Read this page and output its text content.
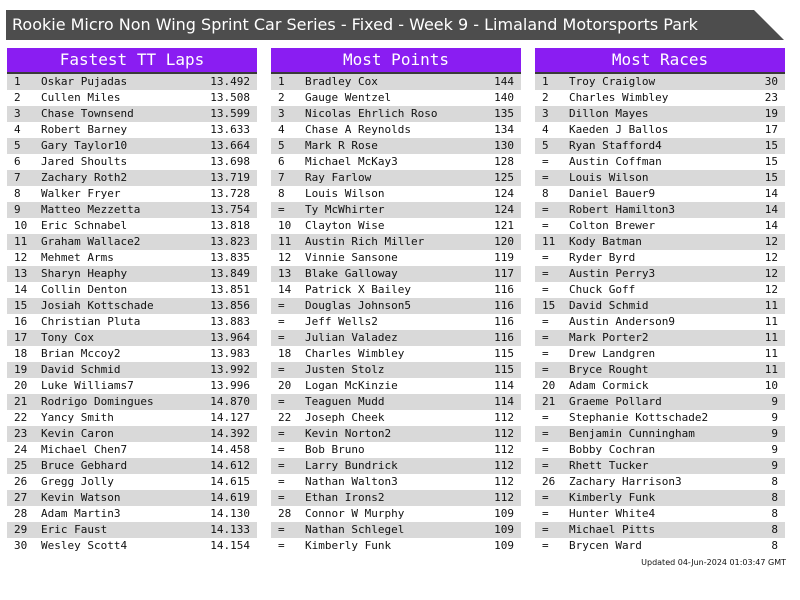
Rookie Micro Non Wing Sprint Car Series - Fixed - Week 9 - Limaland Motorsports Park
Fastest TT Laps
1	Oskar Pujadas	13.492
2	Cullen Miles	13.508
3	Chase Townsend	13.599
4	Robert Barney	13.633
5	Gary Taylor10	13.664
6	Jared Shoults	13.698
7	Zachary Roth2	13.719
8	Walker Fryer	13.728
9	Matteo Mezzetta	13.754
10	Eric Schnabel	13.818
11	Graham Wallace2	13.823
12	Mehmet Arms	13.835
13	Sharyn Heaphy	13.849
14	Collin Denton	13.851
15	Josiah Kottschade	13.856
16	Christian Pluta	13.883
17	Tony Cox	13.964
18	Brian Mccoy2	13.983
19	David Schmid	13.992
20	Luke Williams7	13.996
21	Rodrigo Domingues	14.870
22	Yancy Smith	14.127
23	Kevin Caron	14.392
24	Michael Chen7	14.458
25	Bruce Gebhard	14.612
26	Gregg Jolly	14.615
27	Kevin Watson	14.619
28	Adam Martin3	14.130
29	Eric Faust	14.133
30	Wesley Scott4	14.154
Most Points
1	Bradley Cox	144
2	Gauge Wentzel	140
3	Nicolas Ehrlich Roso	135
4	Chase A Reynolds	134
5	Mark R Rose	130
6	Michael McKay3	128
7	Ray Farlow	125
8	Louis Wilson	124
=	Ty McWhirter	124
10	Clayton Wise	121
11	Austin Rich Miller	120
12	Vinnie Sansone	119
13	Blake Galloway	117
14	Patrick X Bailey	116
=	Douglas Johnson5	116
=	Jeff Wells2	116
=	Julian Valadez	116
18	Charles Wimbley	115
=	Justen Stolz	115
20	Logan McKinzie	114
=	Teaguen Mudd	114
22	Joseph Cheek	112
=	Kevin Norton2	112
=	Bob Bruno	112
=	Larry Bundrick	112
=	Nathan Walton3	112
=	Ethan Irons2	112
28	Connor W Murphy	109
=	Nathan Schlegel	109
=	Kimberly Funk	109
Most Races
1	Troy Craiglow	30
2	Charles Wimbley	23
3	Dillon Mayes	19
4	Kaeden J Ballos	17
5	Ryan Stafford4	15
=	Austin Coffman	15
=	Louis Wilson	15
8	Daniel Bauer9	14
=	Robert Hamilton3	14
=	Colton Brewer	14
11	Kody Batman	12
=	Ryder Byrd	12
=	Austin Perry3	12
=	Chuck Goff	12
15	David Schmid	11
=	Austin Anderson9	11
=	Mark Porter2	11
=	Drew Landgren	11
=	Bryce Rought	11
20	Adam Cormick	10
21	Graeme Pollard	9
=	Stephanie Kottschade2	9
=	Benjamin Cunningham	9
=	Bobby Cochran	9
=	Rhett Tucker	9
26	Zachary Harrison3	8
=	Kimberly Funk	8
=	Hunter White4	8
=	Michael Pitts	8
=	Brycen Ward	8
Updated 04-Jun-2024 01:03:47 GMT
